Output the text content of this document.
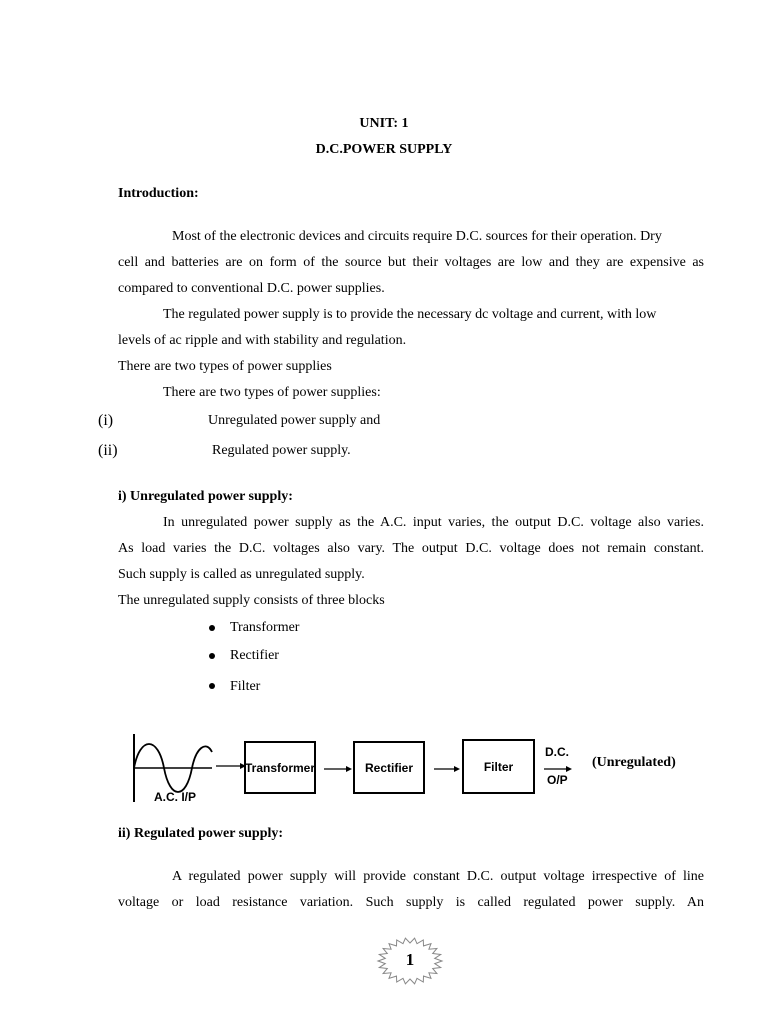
UNIT: 1
D.C.POWER SUPPLY
Introduction:
Most of the electronic devices and circuits require D.C. sources for their operation. Dry
cell and batteries are on form of the source but their voltages are low and they are expensive as
compared to conventional D.C. power supplies.
The regulated power supply is to provide the necessary dc voltage and current, with low
levels of ac ripple and with stability and regulation.
There are two types of power supplies
There are two types of power supplies:
(i)	Unregulated power supply and
(ii)	Regulated power supply.
i) Unregulated power supply:
In unregulated power supply as the A.C. input varies, the output D.C. voltage also varies.
As load varies the D.C. voltages also vary. The output D.C. voltage does not remain constant.
Such supply is called as unregulated supply.
The unregulated supply consists of three blocks
Transformer
Rectifier
Filter
Transformer	Rectifier	Filter
A.C. I/P
D.C.
O/P
(Unregulated)
ii) Regulated power supply:
A regulated power supply will provide constant D.C. output voltage irrespective of line
voltage or load resistance variation. Such supply is called regulated power supply. An
1
